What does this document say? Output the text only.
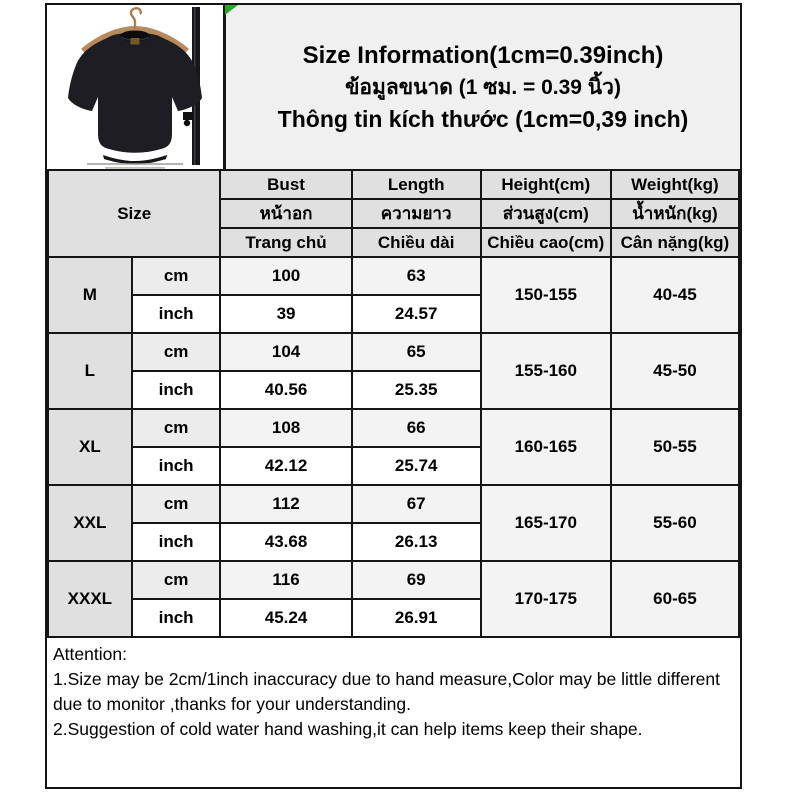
Size Information(1cm=0.39inch)
ข้อมูลขนาด (1 ซม. = 0.39 นิ้ว)
Thông tin kích thước (1cm=0,39 inch)
Size		Bust	Length	Height(cm)	Weight(kg)
		หน้าอก	ความยาว	ส่วนสูง(cm)	น้ำหนัก(kg)
		Trang chủ	Chiều dài	Chiều cao(cm)	Cân nặng(kg)
M	cm	100	63	150-155	40-45
	inch	39	24.57		
L	cm	104	65	155-160	45-50
	inch	40.56	25.35		
XL	cm	108	66	160-165	50-55
	inch	42.12	25.74		
XXL	cm	112	67	165-170	55-60
	inch	43.68	26.13		
XXXL	cm	116	69	170-175	60-65
	inch	45.24	26.91		
Attention:
1.Size may be 2cm/1inch inaccuracy due to hand measure,Color may be little different
due to monitor ,thanks for your understanding.
2.Suggestion of cold water hand washing,it can help items keep their shape.
